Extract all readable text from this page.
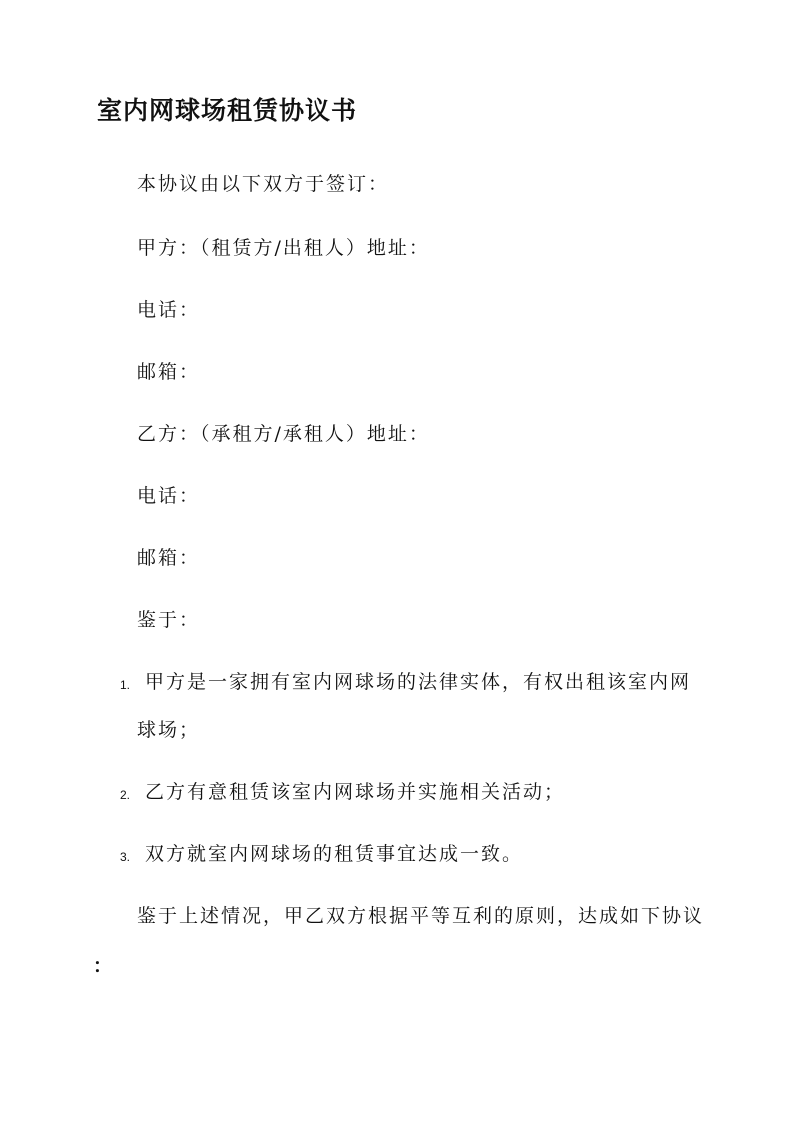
室内网球场租赁协议书
本协议由以下双方于签订：
甲方：（租赁方/出租人）地址：
电话：
邮箱：
乙方：（承租方/承租人）地址：
电话：
邮箱：
鉴于：
1. 甲方是一家拥有室内网球场的法律实体，有权出租该室内网
球场；
2. 乙方有意租赁该室内网球场并实施相关活动；
3. 双方就室内网球场的租赁事宜达成一致。
鉴于上述情况，甲乙双方根据平等互利的原则，达成如下协议
：
